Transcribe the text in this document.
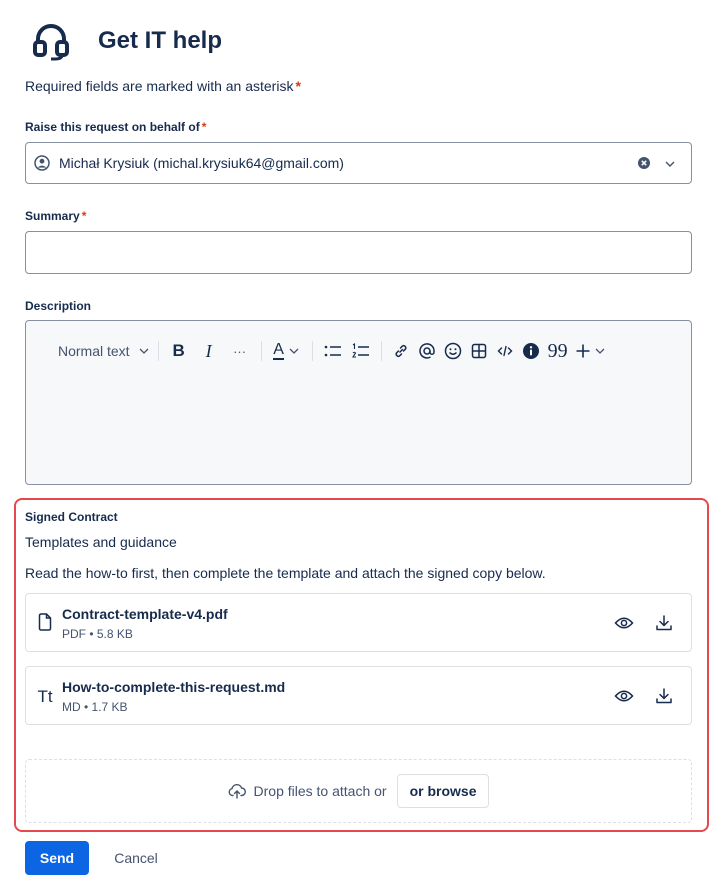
Get IT help
Required fields are marked with an asterisk *
Raise this request on behalf of *
Michał Krysiuk (michal.krysiuk64@gmail.com)
Summary *
Description
Normal text	B	I	···	A	99
Signed Contract
Templates and guidance
Read the how-to first, then complete the template and attach the signed copy below.
Contract-template-v4.pdf
PDF • 5.8 KB
Tt How-to-complete-this-request.md
MD • 1.7 KB
Drop files to attach or	or browse
Send	Cancel
